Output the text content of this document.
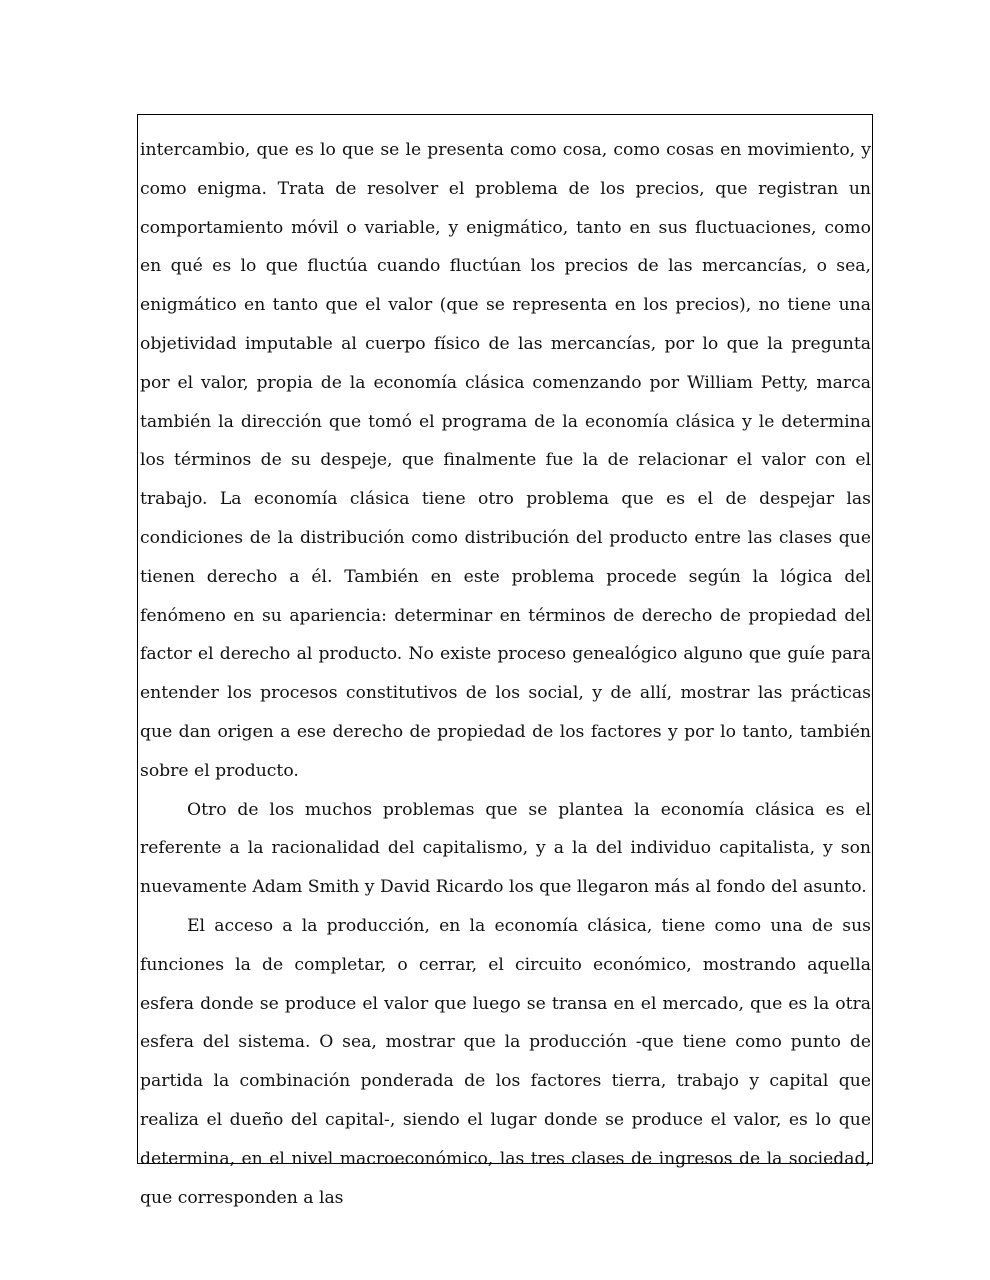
intercambio, que es lo que se le presenta como cosa, como cosas en movimiento, y como enigma. Trata de resolver el problema de los precios, que registran un comportamiento móvil o variable, y enigmático, tanto en sus fluctuaciones, como en qué es lo que fluctúa cuando fluctúan los precios de las mercancías, o sea, enigmático en tanto que el valor (que se representa en los precios), no tiene una objetividad imputable al cuerpo físico de las mercancías, por lo que la pregunta por el valor, propia de la economía clásica comenzando por William Petty, marca también la dirección que tomó el programa de la economía clásica y le determina los términos de su despeje, que finalmente fue la de relacionar el valor con el trabajo. La economía clásica tiene otro problema que es el de despejar las condiciones de la distribución como distribución del producto entre las clases que tienen derecho a él. También en este problema procede según la lógica del fenómeno en su apariencia: determinar en términos de derecho de propiedad del factor el derecho al producto. No existe proceso genealógico alguno que guíe para entender los procesos constitutivos de los social, y de allí, mostrar las prácticas que dan origen a ese derecho de propiedad de los factores y por lo tanto, también sobre el producto.

Otro de los muchos problemas que se plantea la economía clásica es el referente a la racionalidad del capitalismo, y a la del individuo capitalista, y son nuevamente Adam Smith y David Ricardo los que llegaron más al fondo del asunto.

El acceso a la producción, en la economía clásica, tiene como una de sus funciones la de completar, o cerrar, el circuito económico, mostrando aquella esfera donde se produce el valor que luego se transa en el mercado, que es la otra esfera del sistema. O sea, mostrar que la producción -que tiene como punto de partida la combinación ponderada de los factores tierra, trabajo y capital que realiza el dueño del capital-, siendo el lugar donde se produce el valor, es lo que determina, en el nivel macroeconómico, las tres clases de ingresos de la sociedad, que corresponden a las
